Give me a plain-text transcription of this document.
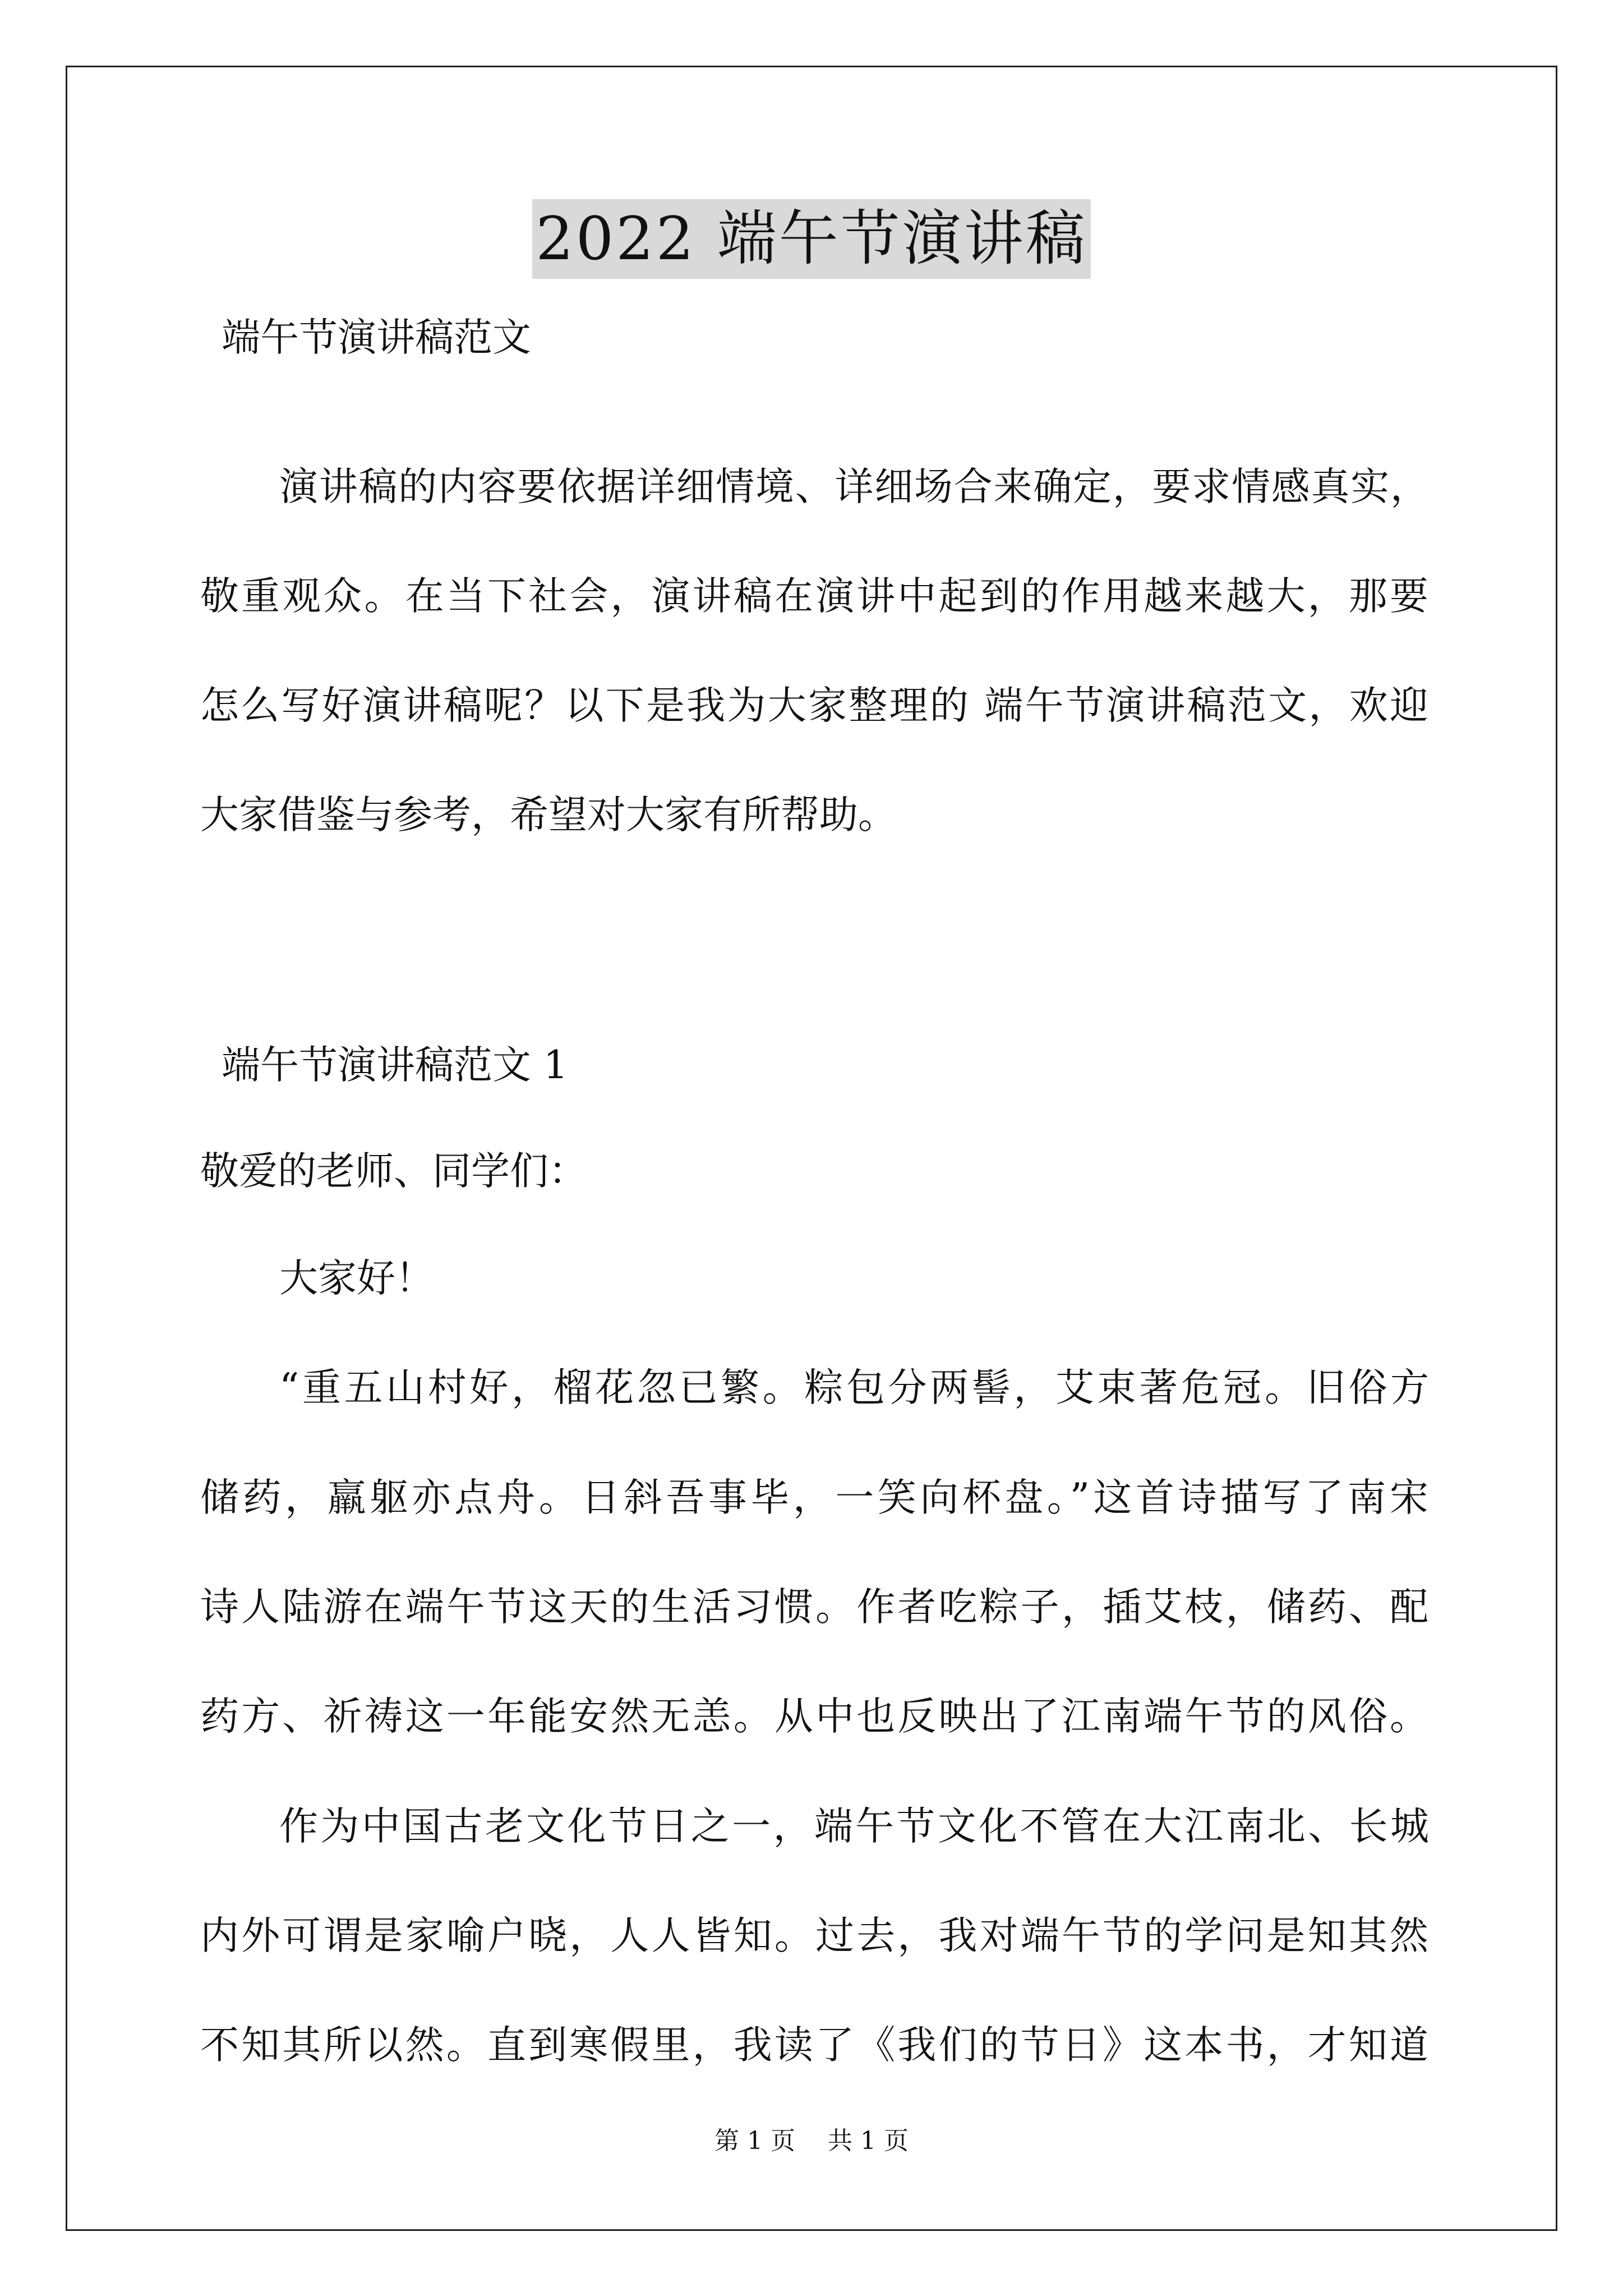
2022 端午节演讲稿
端午节演讲稿范文
演讲稿的内容要依据详细情境、详细场合来确定，要求情感真实，
敬重观众。在当下社会，演讲稿在演讲中起到的作用越来越大，那要
怎么写好演讲稿呢？以下是我为大家整理的 端午节演讲稿范文，欢迎
大家借鉴与参考，希望对大家有所帮助。
端午节演讲稿范文 1
敬爱的老师、同学们：
大家好！
“重五山村好，榴花忽已繁。粽包分两髻，艾束著危冠。旧俗方
储药，羸躯亦点舟。日斜吾事毕，一笑向杯盘。”这首诗描写了南宋
诗人陆游在端午节这天的生活习惯。作者吃粽子，插艾枝，储药、配
药方、祈祷这一年能安然无恙。从中也反映出了江南端午节的风俗。
作为中国古老文化节日之一，端午节文化不管在大江南北、长城
内外可谓是家喻户晓，人人皆知。过去，我对端午节的学问是知其然
不知其所以然。直到寒假里，我读了《我们的节日》这本书，才知道
第 1 页　 共 1 页
